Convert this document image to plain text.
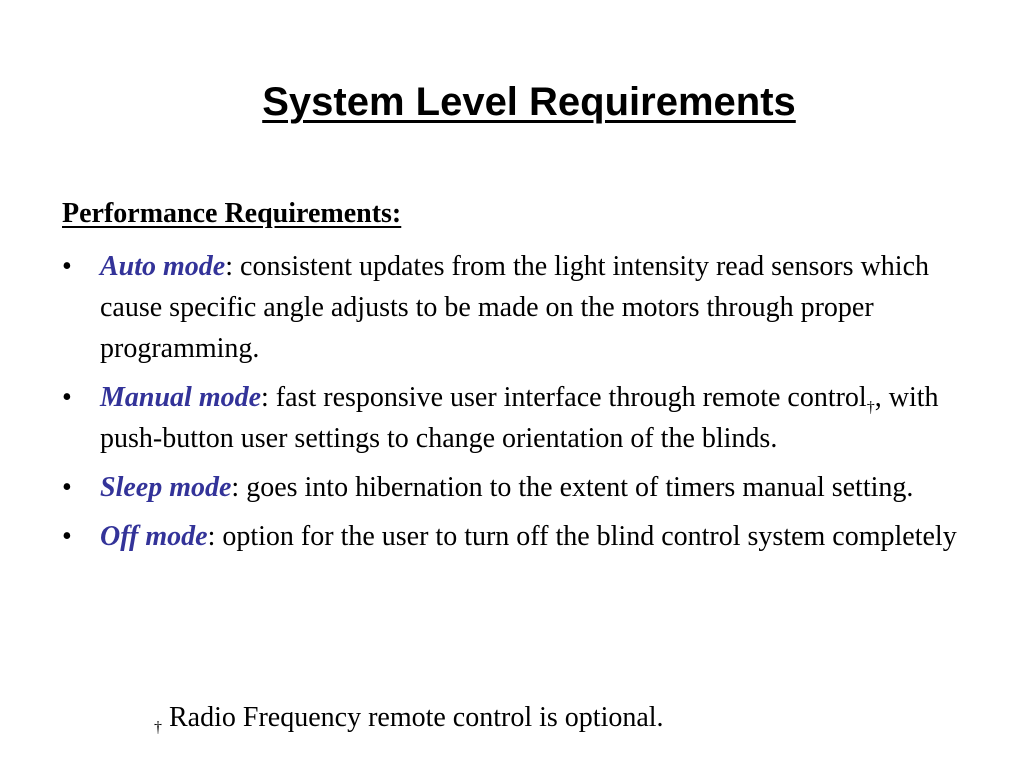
System Level Requirements

Performance Requirements:

• Auto mode: consistent updates from the light intensity read sensors which cause specific angle adjusts to be made on the motors through proper programming.
• Manual mode: fast responsive user interface through remote control$_\dagger$, with push-button user settings to change orientation of the blinds.
• Sleep mode: goes into hibernation to the extent of timers manual setting.
• Off mode: option for the user to turn off the blind control system completely

$_\dagger$ Radio Frequency remote control is optional.
